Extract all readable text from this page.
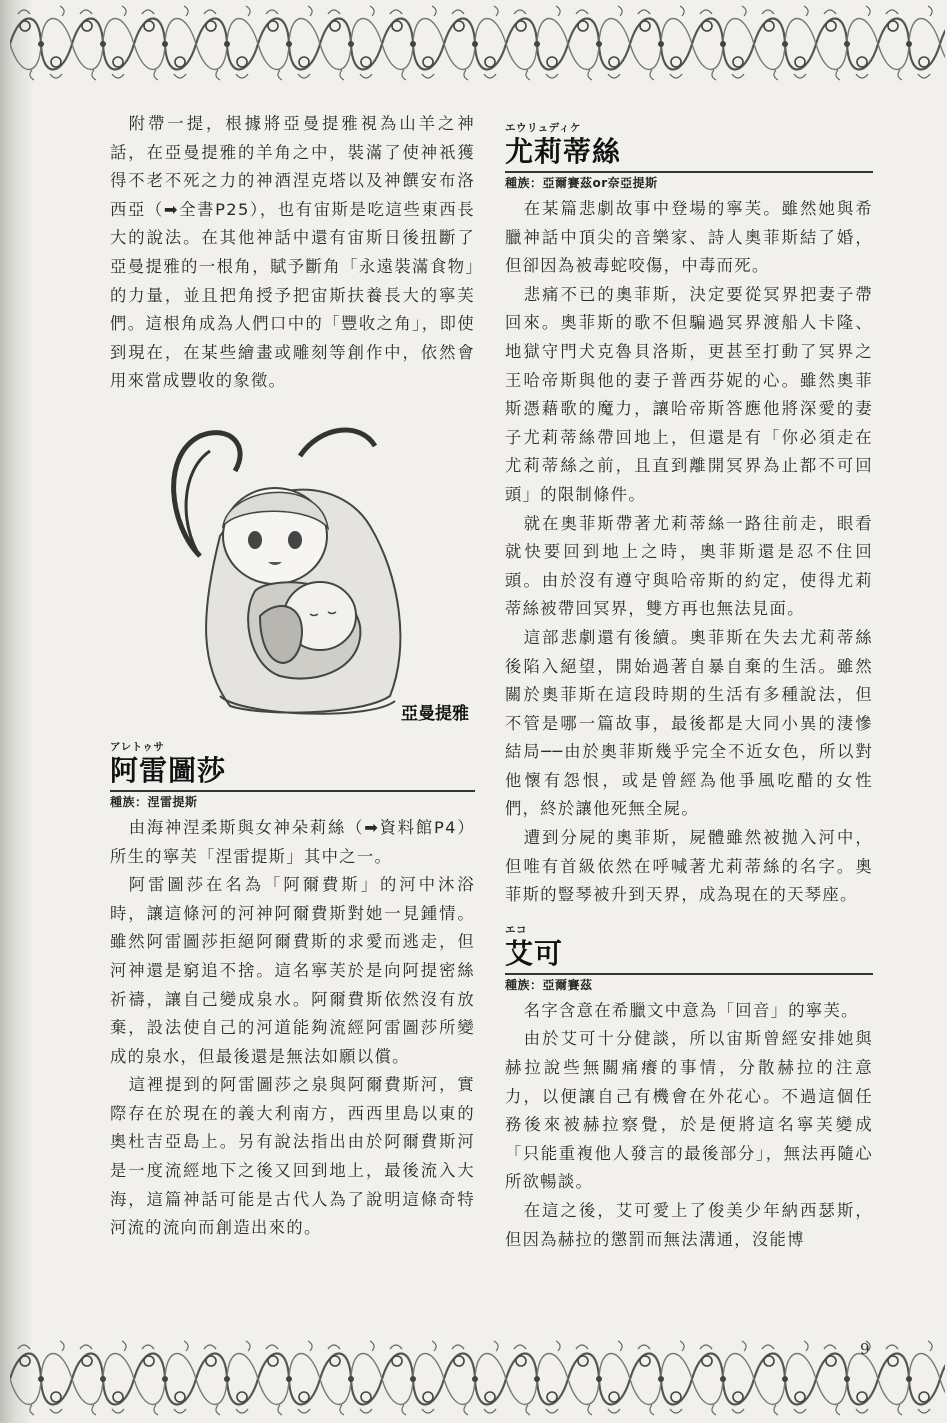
附帶一提，根據將亞曼提雅視為山羊之神話，在亞曼提雅的羊角之中，裝滿了使神祇獲得不老不死之力的神酒涅克塔以及神饌安布洛西亞（➡全書P25），也有宙斯是吃這些東西長大的說法。在其他神話中還有宙斯日後扭斷了亞曼提雅的一根角，賦予斷角「永遠裝滿食物」的力量，並且把角授予把宙斯扶養長大的寧芙們。這根角成為人們口中的「豐收之角」，即使到現在，在某些繪畫或雕刻等創作中，依然會用來當成豐收的象徵。

亞曼提雅
アレトゥサ
阿雷圖莎
種族：涅雷提斯

由海神涅柔斯與女神朵莉絲（➡資料館P4）所生的寧芙「涅雷提斯」其中之一。

阿雷圖莎在名為「阿爾費斯」的河中沐浴時，讓這條河的河神阿爾費斯對她一見鍾情。雖然阿雷圖莎拒絕阿爾費斯的求愛而逃走，但河神還是窮追不捨。這名寧芙於是向阿提密絲祈禱，讓自己變成泉水。阿爾費斯依然沒有放棄，設法使自己的河道能夠流經阿雷圖莎所變成的泉水，但最後還是無法如願以償。

這裡提到的阿雷圖莎之泉與阿爾費斯河，實際存在於現在的義大利南方，西西里島以東的奧杜吉亞島上。另有說法指出由於阿爾費斯河是一度流經地下之後又回到地上，最後流入大海，這篇神話可能是古代人為了說明這條奇特河流的流向而創造出來的。

エウリュディケ
尤莉蒂絲
種族：亞爾賽茲or奈亞提斯

在某篇悲劇故事中登場的寧芙。雖然她與希臘神話中頂尖的音樂家、詩人奧菲斯結了婚，但卻因為被毒蛇咬傷，中毒而死。

悲痛不已的奧菲斯，決定要從冥界把妻子帶回來。奧菲斯的歌不但騙過冥界渡船人卡隆、地獄守門犬克魯貝洛斯，更甚至打動了冥界之王哈帝斯與他的妻子普西芬妮的心。雖然奧菲斯憑藉歌的魔力，讓哈帝斯答應他將深愛的妻子尤莉蒂絲帶回地上，但還是有「你必須走在尤莉蒂絲之前，且直到離開冥界為止都不可回頭」的限制條件。

就在奧菲斯帶著尤莉蒂絲一路往前走，眼看就快要回到地上之時，奧菲斯還是忍不住回頭。由於沒有遵守與哈帝斯的約定，使得尤莉蒂絲被帶回冥界，雙方再也無法見面。

這部悲劇還有後續。奧菲斯在失去尤莉蒂絲後陷入絕望，開始過著自暴自棄的生活。雖然關於奧菲斯在這段時期的生活有多種說法，但不管是哪一篇故事，最後都是大同小異的淒慘結局──由於奧菲斯幾乎完全不近女色，所以對他懷有怨恨，或是曾經為他爭風吃醋的女性們，終於讓他死無全屍。

遭到分屍的奧菲斯，屍體雖然被拋入河中，但唯有首級依然在呼喊著尤莉蒂絲的名字。奧菲斯的豎琴被升到天界，成為現在的天琴座。

エコ
艾可
種族：亞爾賽茲

名字含意在希臘文中意為「回音」的寧芙。

由於艾可十分健談，所以宙斯曾經安排她與赫拉說些無關痛癢的事情，分散赫拉的注意力，以便讓自己有機會在外花心。不過這個任務後來被赫拉察覺，於是便將這名寧芙變成「只能重複他人發言的最後部分」，無法再隨心所欲暢談。

在這之後，艾可愛上了俊美少年納西瑟斯，但因為赫拉的懲罰而無法溝通，沒能博

9
